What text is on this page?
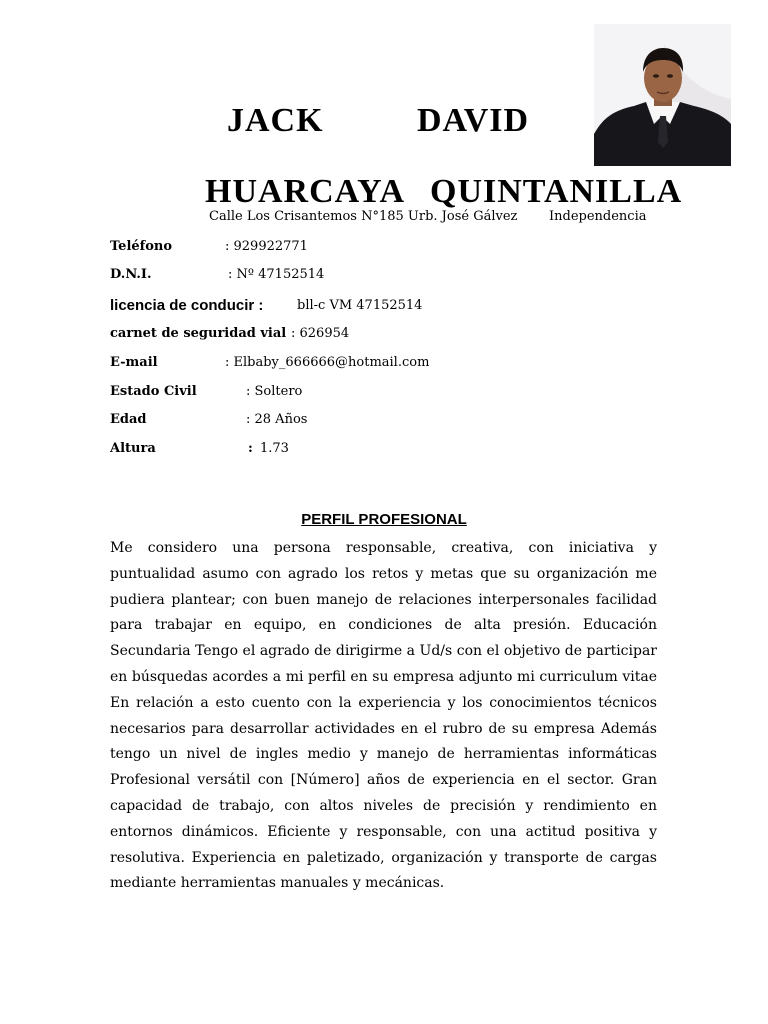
JACK	DAVID
HUARCAYA QUINTANILLA
Calle Los Crisantemos N°185 Urb. José Gálvez Independencia
Teléfono	: 929922771
D.N.I.	: Nº 47152514
licencia de conducir :	bll-c VM 47152514
carnet de seguridad vial : 626954
E-mail	: Elbaby_666666@hotmail.com
Estado Civil	: Soltero
Edad	: 28 Años
Altura	: 1.73
PERFIL PROFESIONAL
Me considero una persona responsable, creativa, con iniciativa y puntualidad asumo con agrado los retos y metas que su organización me pudiera plantear; con buen manejo de relaciones interpersonales facilidad para trabajar en equipo, en condiciones de alta presión. Educación Secundaria Tengo el agrado de dirigirme a Ud/s con el objetivo de participar en búsquedas acordes a mi perfil en su empresa adjunto mi curriculum vitae En relación a esto cuento con la experiencia y los conocimientos técnicos necesarios para desarrollar actividades en el rubro de su empresa Además tengo un nivel de ingles medio y manejo de herramientas informáticas Profesional versátil con [Número] años de experiencia en el sector. Gran capacidad de trabajo, con altos niveles de precisión y rendimiento en entornos dinámicos. Eficiente y responsable, con una actitud positiva y resolutiva. Experiencia en paletizado, organización y transporte de cargas mediante herramientas manuales y mecánicas.
